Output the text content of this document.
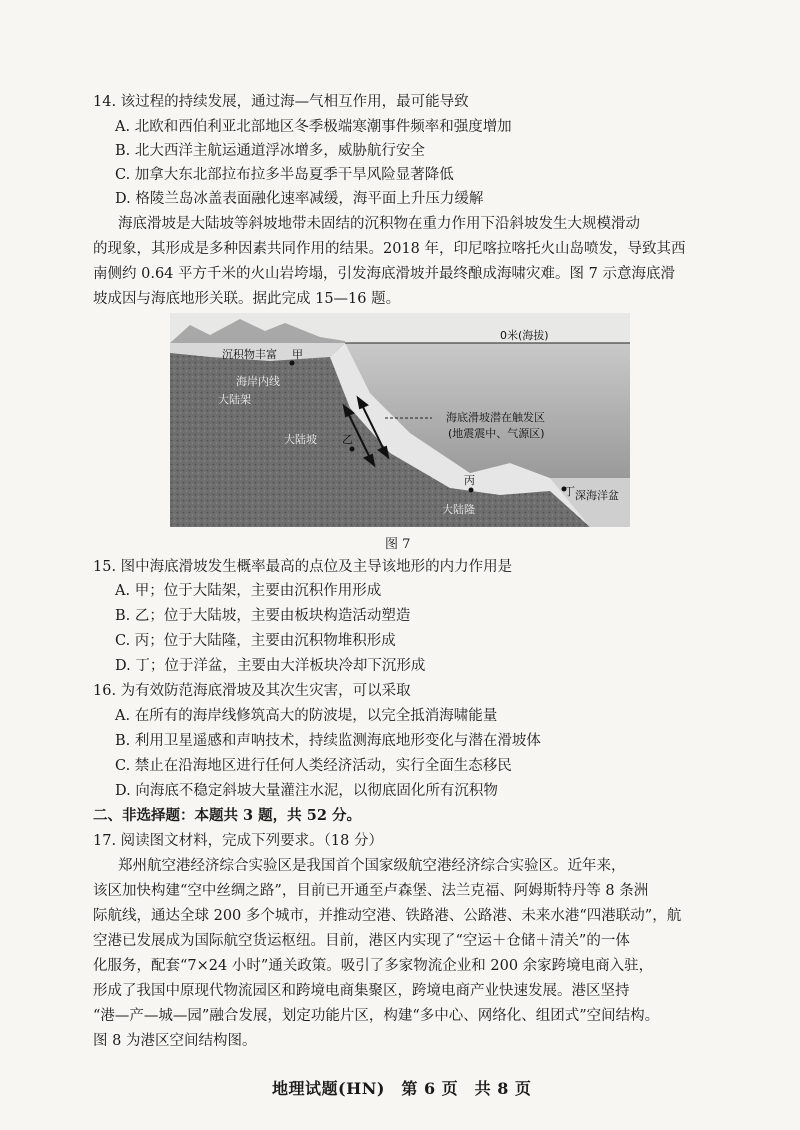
14. 该过程的持续发展，通过海—气相互作用，最可能导致
A. 北欧和西伯利亚北部地区冬季极端寒潮事件频率和强度增加
B. 北大西洋主航运通道浮冰增多，威胁航行安全
C. 加拿大东北部拉布拉多半岛夏季干旱风险显著降低
D. 格陵兰岛冰盖表面融化速率减缓，海平面上升压力缓解
海底滑坡是大陆坡等斜坡地带未固结的沉积物在重力作用下沿斜坡发生大规模滑动
的现象，其形成是多种因素共同作用的结果。2018 年，印尼喀拉喀托火山岛喷发，导致其西
南侧约 0.64 平方千米的火山岩垮塌，引发海底滑坡并最终酿成海啸灾难。图 7 示意海底滑
坡成因与海底地形关联。据此完成 15—16 题。
0米(海拔)
沉积物丰富 甲
海岸内线
大陆架
大陆坡 乙
海底滑坡潜在触发区
(地震震中、气源区)
丙
大陆隆
丁 深海洋盆
图 7
15. 图中海底滑坡发生概率最高的点位及主导该地形的内力作用是
A. 甲；位于大陆架，主要由沉积作用形成
B. 乙；位于大陆坡，主要由板块构造活动塑造
C. 丙；位于大陆隆，主要由沉积物堆积形成
D. 丁；位于洋盆，主要由大洋板块冷却下沉形成
16. 为有效防范海底滑坡及其次生灾害，可以采取
A. 在所有的海岸线修筑高大的防波堤，以完全抵消海啸能量
B. 利用卫星遥感和声呐技术，持续监测海底地形变化与潜在滑坡体
C. 禁止在沿海地区进行任何人类经济活动，实行全面生态移民
D. 向海底不稳定斜坡大量灌注水泥，以彻底固化所有沉积物
二、非选择题：本题共 3 题，共 52 分。
17. 阅读图文材料，完成下列要求。（18 分）
郑州航空港经济综合实验区是我国首个国家级航空港经济综合实验区。近年来，
该区加快构建“空中丝绸之路”，目前已开通至卢森堡、法兰克福、阿姆斯特丹等 8 条洲
际航线，通达全球 200 多个城市，并推动空港、铁路港、公路港、未来水港“四港联动”，航
空港已发展成为国际航空货运枢纽。目前，港区内实现了“空运＋仓储＋清关”的一体
化服务，配套“7×24 小时”通关政策。吸引了多家物流企业和 200 余家跨境电商入驻，
形成了我国中原现代物流园区和跨境电商集聚区，跨境电商产业快速发展。港区坚持
“港—产—城—园”融合发展，划定功能片区，构建“多中心、网络化、组团式”空间结构。
图 8 为港区空间结构图。
地理试题(HN)　第 6 页　共 8 页
